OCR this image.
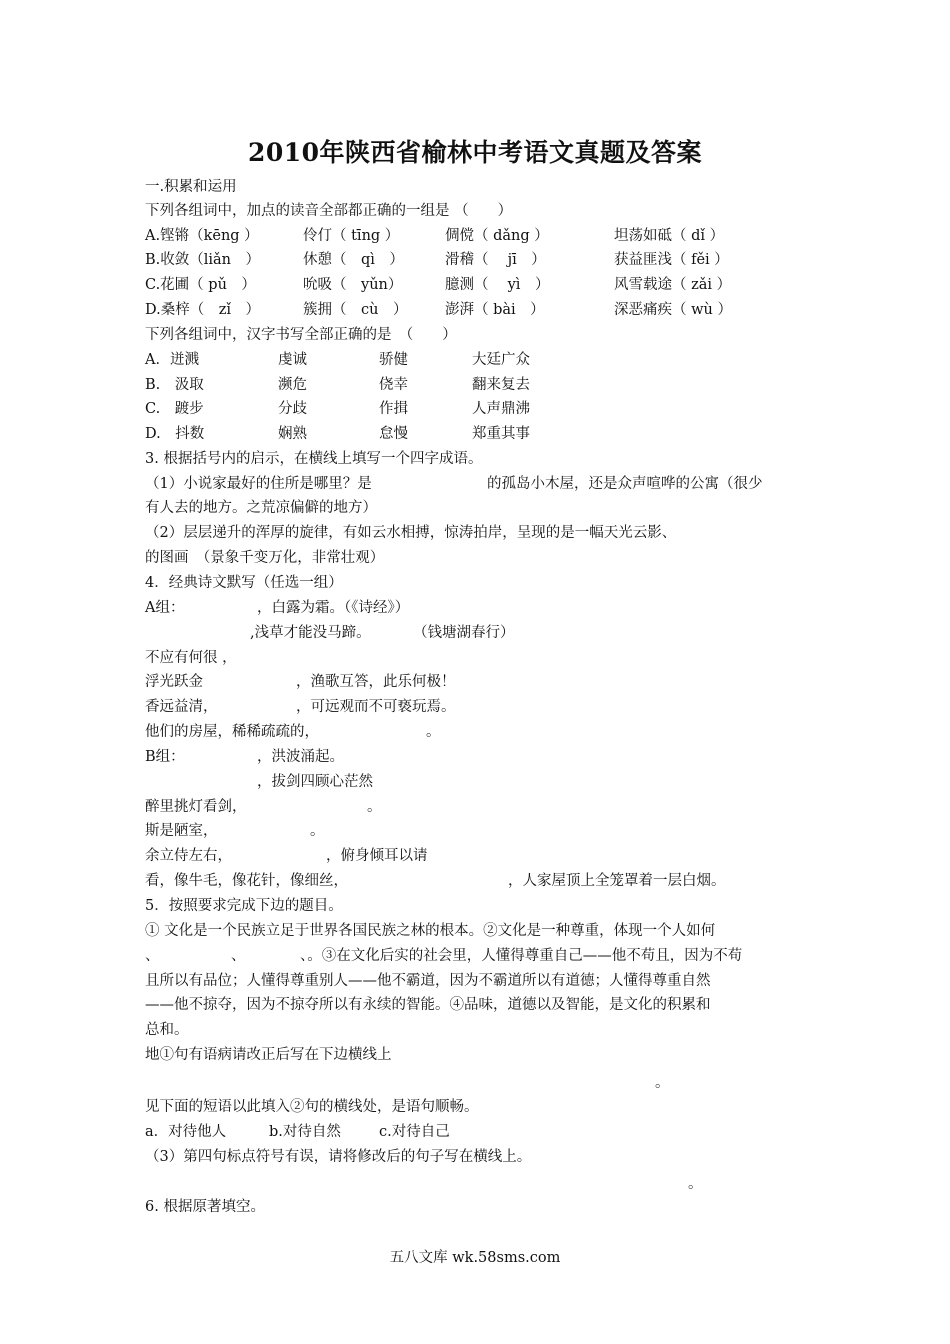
2010年陕西省榆林中考语文真题及答案
一.积累和运用
下列各组词中，加点的读音全部都正确的一组是 （　　）
A.铿锵（kēng ）	伶仃（ tīng ）	倜傥（ dǎng ）	坦荡如砥（ dǐ ）
B.收敛（liǎn　）	休憩（　qì　）	滑稽（　 jī　）	获益匪浅（ fěi ）
C.花圃（ pǔ　）	吮吸（　yǔn）	臆测（　 yì　）	风雪载途（ zǎi ）
D.桑梓（　zǐ　）	簇拥（　cù　）	澎湃（ bài　）	深恶痛疾（ wù ）
下列各组词中，汉字书写全部正确的是　（　　）
A．迸溅	虔诚	骄健	大廷广众
B.　汲取	濒危	侥幸	翻来复去
C.　踱步	分歧	作揖	人声鼎沸
D.　抖数	娴熟	怠慢	郑重其事
3. 根据括号内的启示，在横线上填写一个四字成语。
（1）小说家最好的住所是哪里？是	的孤岛小木屋，还是众声喧哗的公寓（很少
有人去的地方。之荒凉偏僻的地方）
（2）层层递升的浑厚的旋律，有如云水相搏，惊涛拍岸，呈现的是一幅天光云影、
的图画　（景象千变万化，非常壮观）
4．经典诗文默写（任选一组）
A组：	，白露为霜。（《诗经》）
,浅草才能没马蹄。	（钱塘湖春行）
不应有何很 ，
浮光跃金	，渔歌互答，此乐何极！
香远益清，	，可远观而不可亵玩焉。
他们的房屋，稀稀疏疏的，	。
B组：	，洪波涌起。
，拔剑四顾心茫然
醉里挑灯看剑，	。
斯是陋室，	。
余立侍左右，	，俯身倾耳以请
看，像牛毛，像花针，像细丝，	，人家屋顶上全笼罩着一层白烟。
5．按照要求完成下边的题目。
① 文化是一个民族立足于世界各国民族之林的根本。②文化是一种尊重，体现一个人如何
、	、	、。③在文化后实的社会里，人懂得尊重自己——他不苟且，因为不苟
且所以有品位；人懂得尊重别人——他不霸道，因为不霸道所以有道德；人懂得尊重自然
——他不掠夺，因为不掠夺所以有永续的智能。④品味，道德以及智能，是文化的积累和
总和。
地①句有语病请改正后写在下边横线上
。
见下面的短语以此填入②句的横线处，是语句顺畅。
a．对待他人	b.对待自然	c.对待自己
（3）第四句标点符号有误，请将修改后的句子写在横线上。
。
6. 根据原著填空。
五八文库 wk.58sms.com
